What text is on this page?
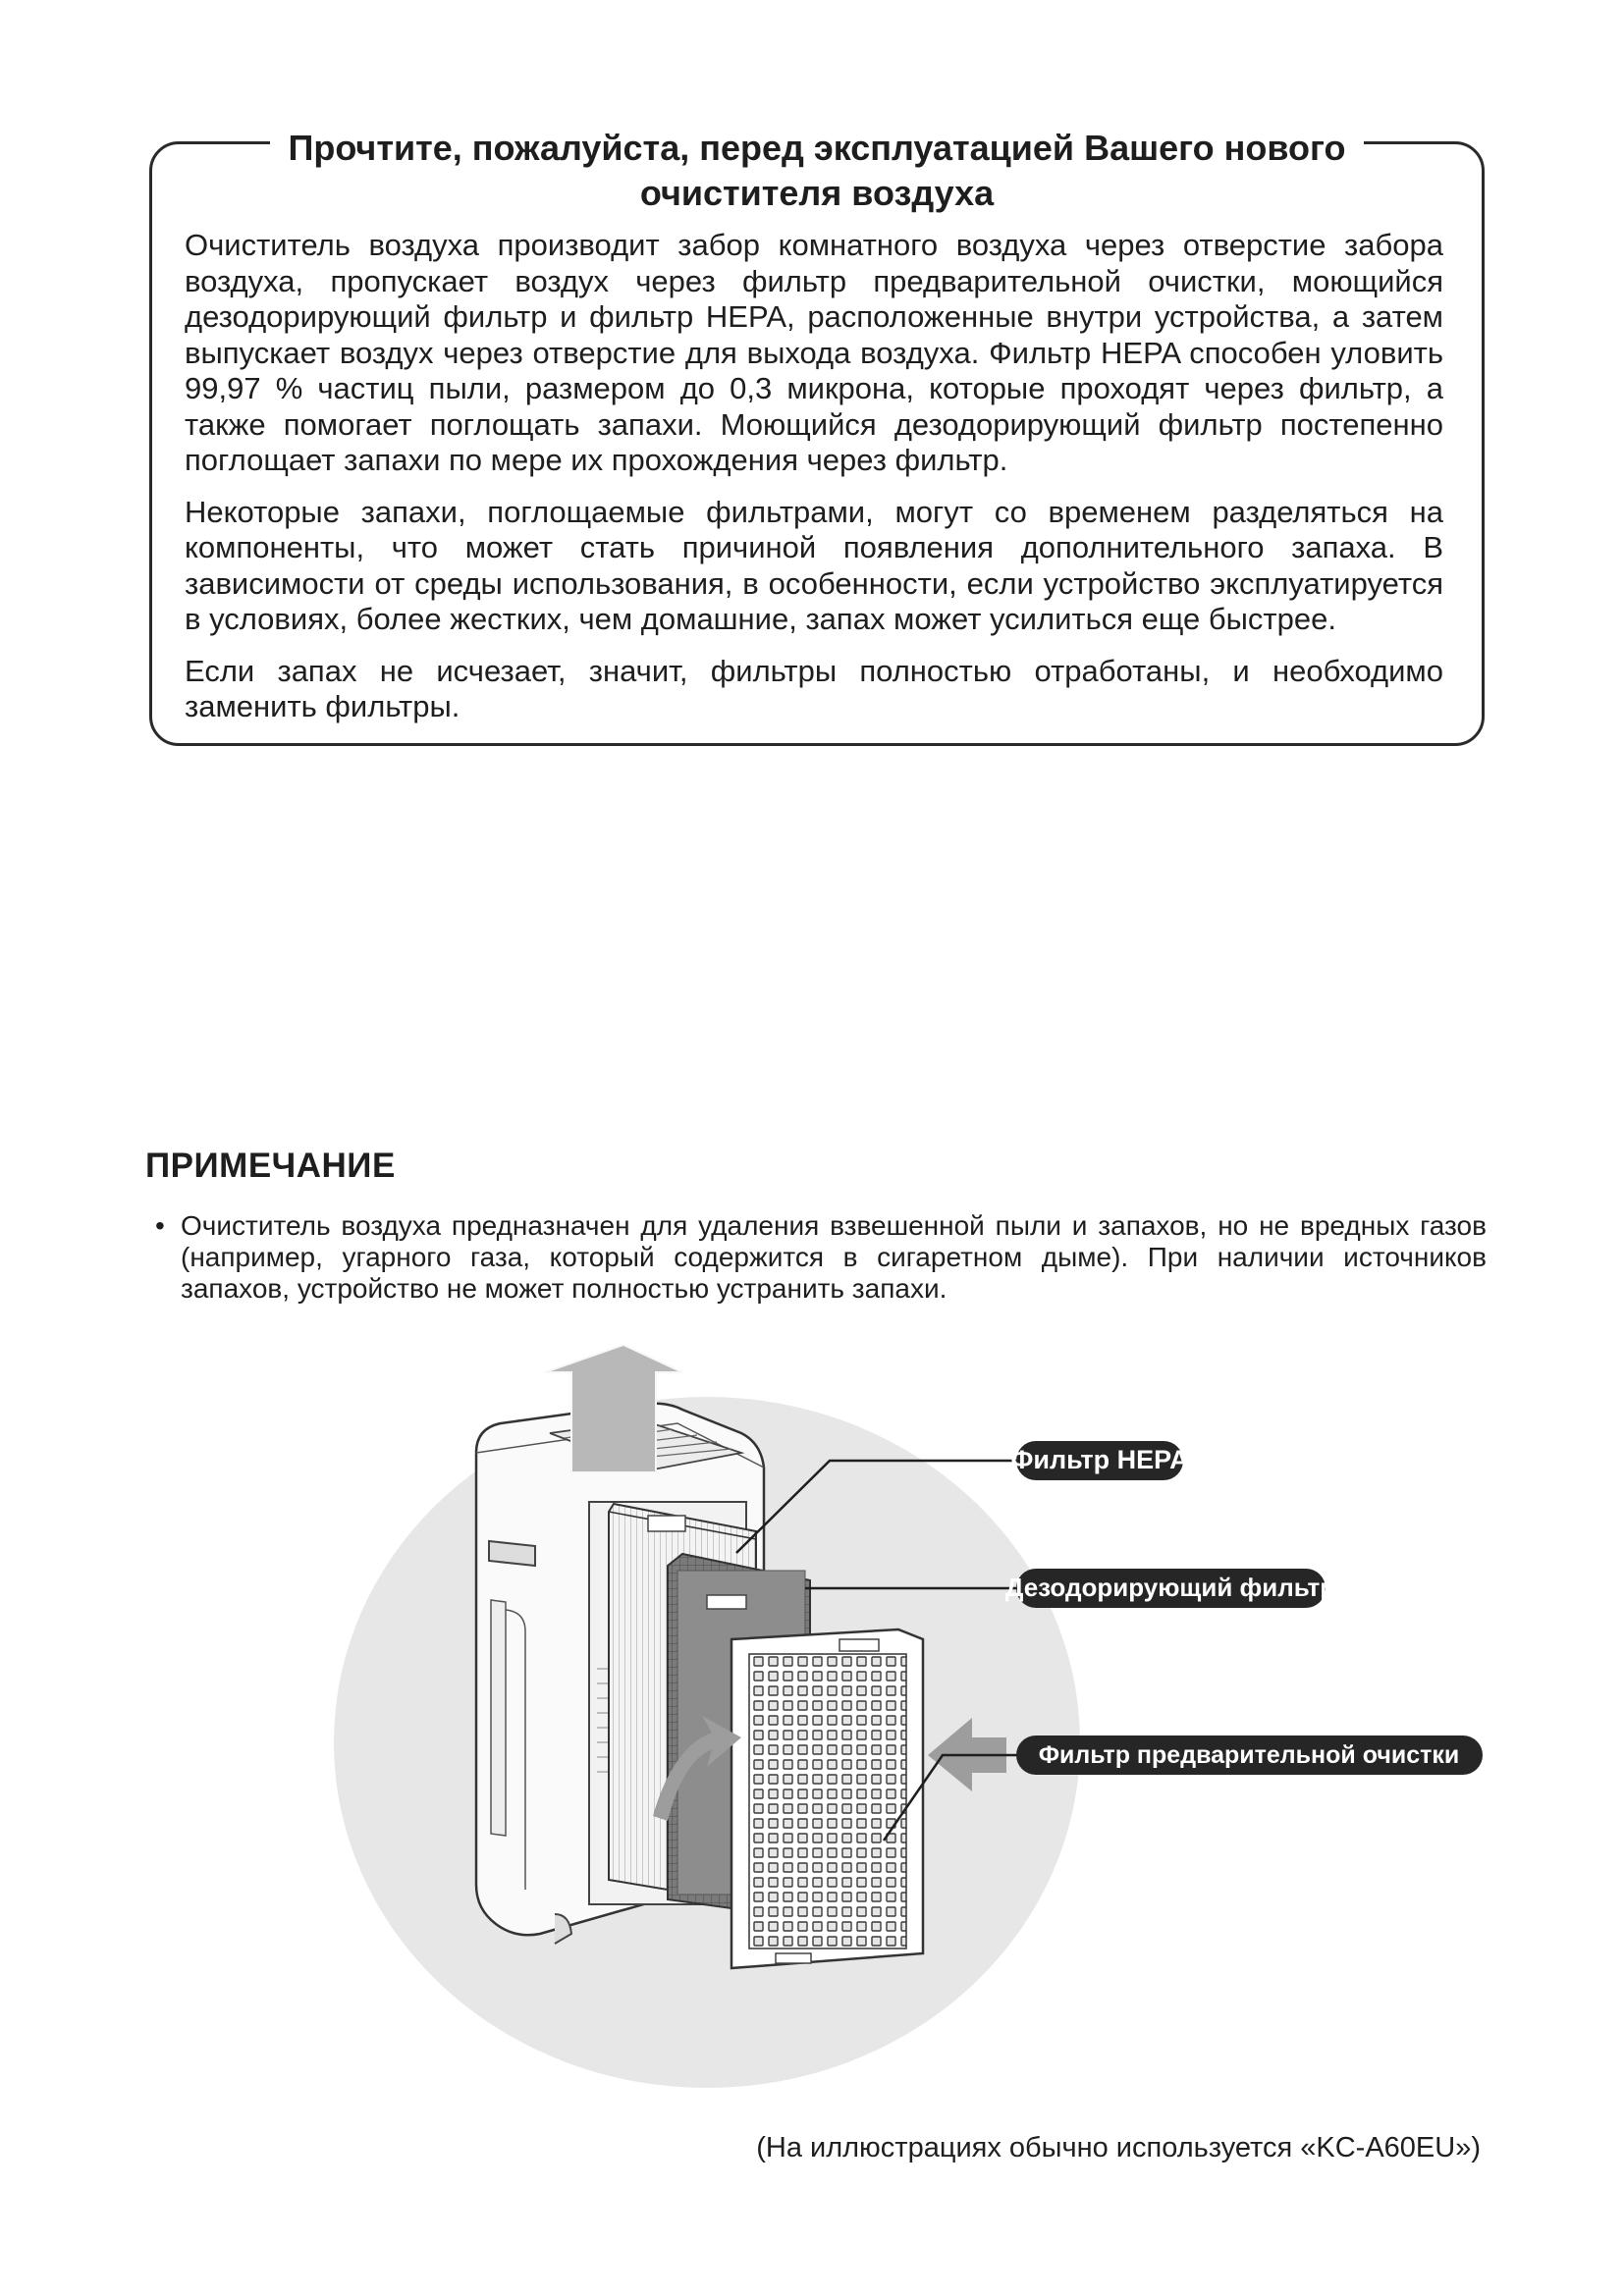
Прочтите, пожалуйста, перед эксплуатацией Вашего нового
очистителя воздуха

Очиститель воздуха производит забор комнатного воздуха через отверстие забора воздуха, пропускает воздух через фильтр предварительной очистки, моющийся дезодорирующий фильтр и фильтр HEPA, расположенные внутри устройства, а затем выпускает воздух через отверстие для выхода воздуха. Фильтр HEPA способен уловить 99,97 % частиц пыли, размером до 0,3 микрона, которые проходят через фильтр, а также помогает поглощать запахи. Моющийся дезодорирующий фильтр постепенно поглощает запахи по мере их прохождения через фильтр.

Некоторые запахи, поглощаемые фильтрами, могут со временем разделяться на компоненты, что может стать причиной появления дополнительного запаха. В зависимости от среды использования, в особенности, если устройство эксплуатируется в условиях, более жестких, чем домашние, запах может усилиться еще быстрее.

Если запах не исчезает, значит, фильтры полностью отработаны, и необходимо заменить фильтры.

ПРИМЕЧАНИЕ
• Очиститель воздуха предназначен для удаления взвешенной пыли и запахов, но не вредных газов (например, угарного газа, который содержится в сигаретном дыме). При наличии источников запахов, устройство не может полностью устранить запахи.
Фильтр HEPA
Дезодорирующий фильтр
Фильтр предварительной очистки
(На иллюстрациях обычно используется «KC-A60EU»)
